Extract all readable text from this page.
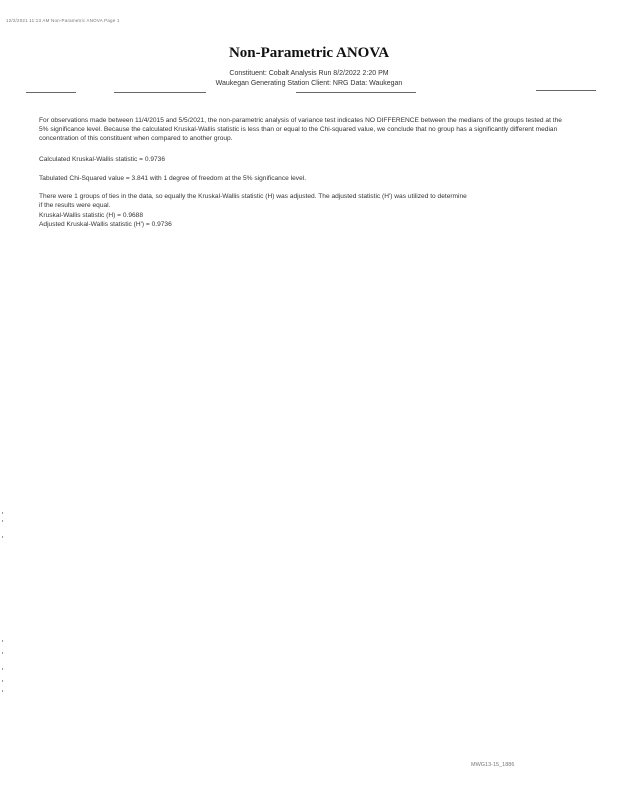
12/2/2021 11:13 AM Non-Parametric ANOVA Page 1
Non-Parametric ANOVA
Constituent: Cobalt Analysis Run 8/2/2022 2:20 PM
Waukegan Generating Station Client: NRG Data: Waukegan
For observations made between 11/4/2015 and 5/5/2021, the non-parametric analysis of variance test indicates NO DIFFERENCE between the medians of the groups tested at the 5% significance level. Because the calculated Kruskal-Wallis statistic is less than or equal to the Chi-squared value, we conclude that no group has a significantly different median concentration of this constituent when compared to another group.
Calculated Kruskal-Wallis statistic = 0.9736
Tabulated Chi-Squared value = 3.841 with 1 degree of freedom at the 5% significance level.
There were 1 groups of ties in the data, so equally the Kruskal-Wallis statistic (H) was adjusted. The adjusted statistic (H') was utilized to determine
if the results were equal.
Kruskal-Wallis statistic (H) = 0.9688
Adjusted Kruskal-Wallis statistic (H') = 0.9736
MWG13-15_1886
